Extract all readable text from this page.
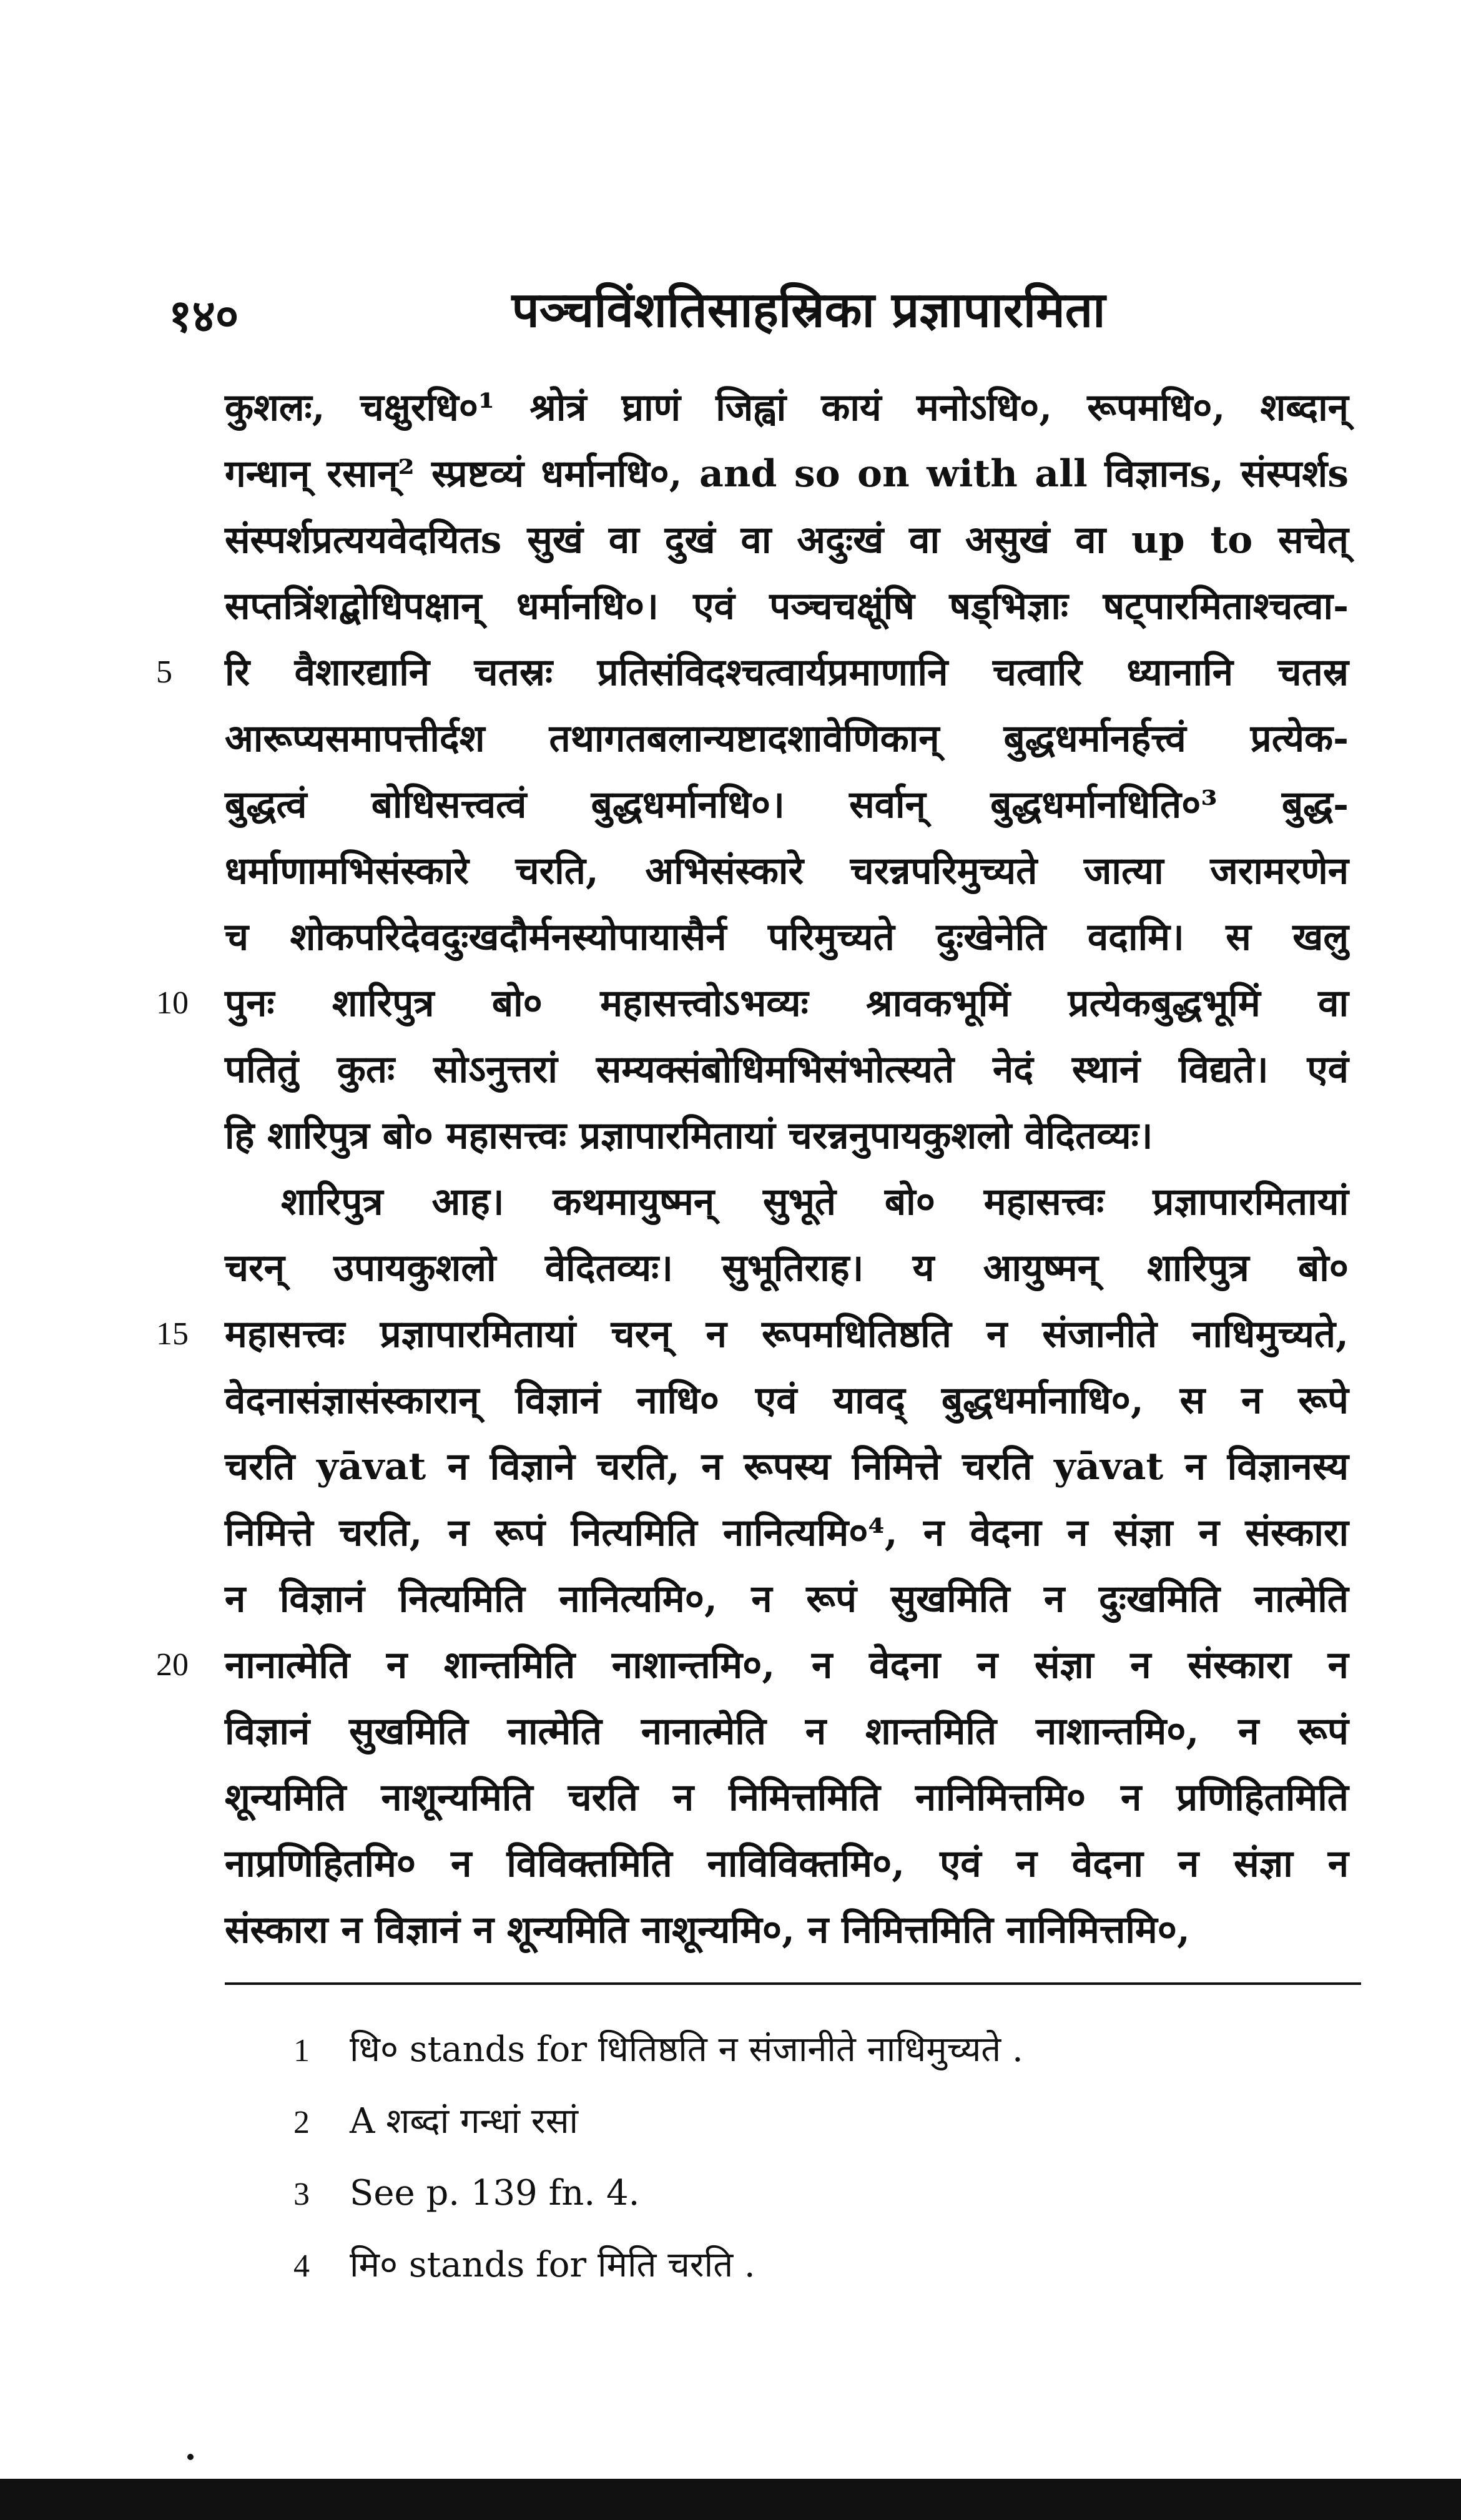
१४०	पञ्चविंशतिसाहस्रिका प्रज्ञापारमिता
कुशलः, चक्षुरधि०¹ श्रोत्रं घ्राणं जिह्वां कायं मनोऽधि०, रूपमधि०, शब्दान्
गन्धान् रसान्² स्प्रष्टव्यं धर्मानधि०, and so on with all विज्ञानs, संस्पर्शs
संस्पर्शप्रत्ययवेदयितs सुखं वा दुखं वा अदुःखं वा असुखं वा up to सचेत्
सप्तत्रिंशद्बोधिपक्षान् धर्मानधि०। एवं पञ्चचक्षूंषि षड्भिज्ञाः षट्पारमिताश्चत्वा-
5 रि वैशारद्यानि चतस्रः प्रतिसंविदश्चत्वार्यप्रमाणानि चत्वारि ध्यानानि चतस्र
आरूप्यसमापत्तीर्दश तथागतबलान्यष्टादशावेणिकान् बुद्धधर्मानर्हत्त्वं प्रत्येक-
बुद्धत्वं बोधिसत्त्वत्वं बुद्धधर्मानधि०। सर्वान् बुद्धधर्मानधिति०³ बुद्ध-
धर्माणामभिसंस्कारे चरति, अभिसंस्कारे चरन्नपरिमुच्यते जात्या जरामरणेन
च शोकपरिदेवदुःखदौर्मनस्योपायासैर्न परिमुच्यते दुःखेनेति वदामि। स खलु
10 पुनः शारिपुत्र बो० महासत्त्वोऽभव्यः श्रावकभूमिं प्रत्येकबुद्धभूमिं वा
पतितुं कुतः सोऽनुत्तरां सम्यक्संबोधिमभिसंभोत्स्यते नेदं स्थानं विद्यते। एवं
हि शारिपुत्र बो० महासत्त्वः प्रज्ञापारमितायां चरन्ननुपायकुशलो वेदितव्यः।
शारिपुत्र आह। कथमायुष्मन् सुभूते बो० महासत्त्वः प्रज्ञापारमितायां
चरन् उपायकुशलो वेदितव्यः। सुभूतिराह। य आयुष्मन् शारिपुत्र बो०
15 महासत्त्वः प्रज्ञापारमितायां चरन् न रूपमधितिष्ठति न संजानीते नाधिमुच्यते,
वेदनासंज्ञासंस्कारान् विज्ञानं नाधि० एवं यावद् बुद्धधर्मानाधि०, स न रूपे
चरति yāvat न विज्ञाने चरति, न रूपस्य निमित्ते चरति yāvat न विज्ञानस्य
निमित्ते चरति, न रूपं नित्यमिति नानित्यमि०⁴, न वेदना न संज्ञा न संस्कारा
न विज्ञानं नित्यमिति नानित्यमि०, न रूपं सुखमिति न दुःखमिति नात्मेति
20 नानात्मेति न शान्तमिति नाशान्तमि०, न वेदना न संज्ञा न संस्कारा न
विज्ञानं सुखमिति नात्मेति नानात्मेति न शान्तमिति नाशान्तमि०, न रूपं
शून्यमिति नाशून्यमिति चरति न निमित्तमिति नानिमित्तमि० न प्रणिहितमिति
नाप्रणिहितमि० न विविक्तमिति नाविविक्तमि०, एवं न वेदना न संज्ञा न
संस्कारा न विज्ञानं न शून्यमिति नाशून्यमि०, न निमित्तमिति नानिमित्तमि०,
1 धि० stands for धितिष्ठति न संजानीते नाधिमुच्यते .
2 A शब्दां गन्धां रसां
3 See p. 139 fn. 4.
4 मि० stands for मिति चरति .
